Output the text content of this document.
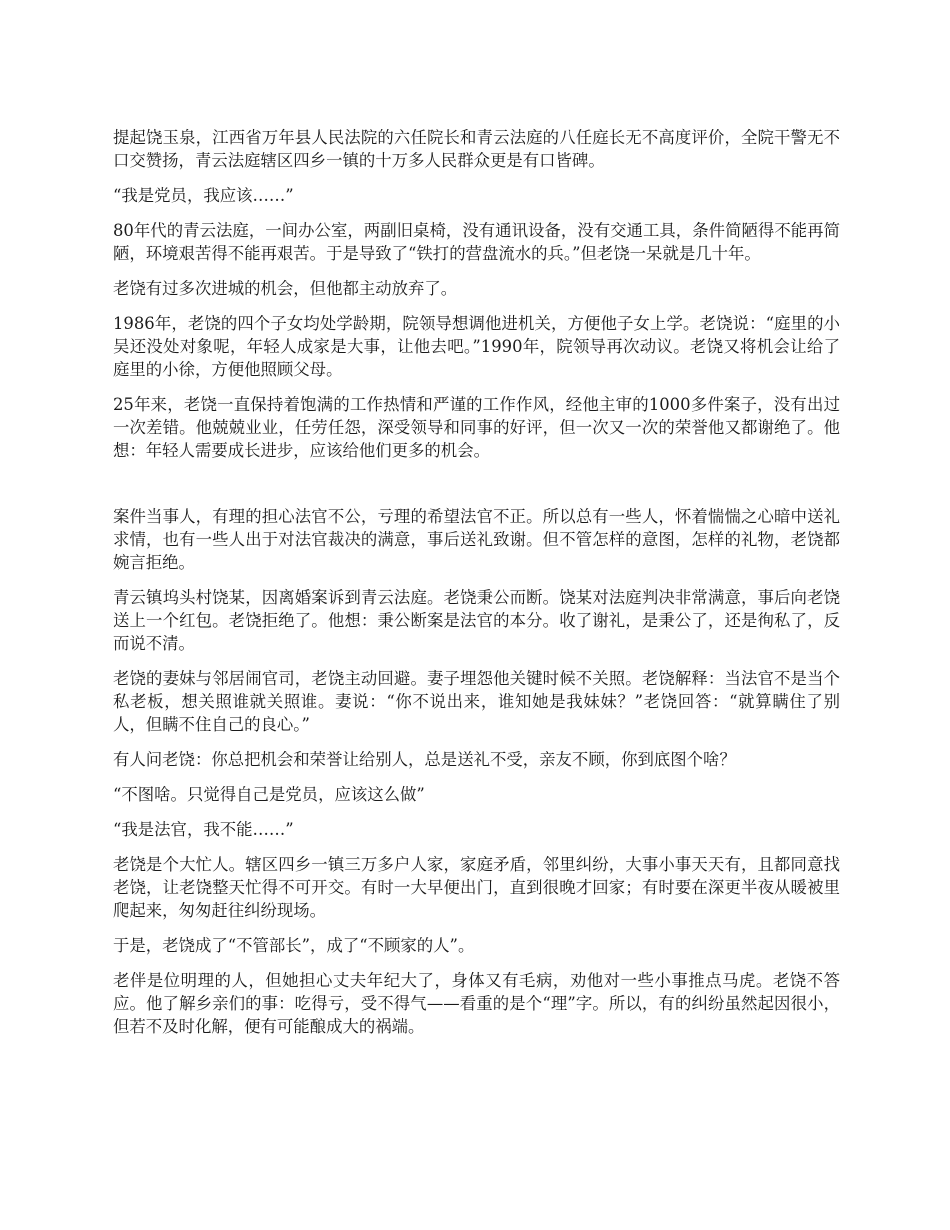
提起饶玉泉，江西省万年县人民法院的六任院长和青云法庭的八任庭长无不高度评价，全院干警无不口交赞扬，青云法庭辖区四乡一镇的十万多人民群众更是有口皆碑。

“我是党员，我应该……”

80年代的青云法庭，一间办公室，两副旧桌椅，没有通讯设备，没有交通工具，条件简陋得不能再简陋，环境艰苦得不能再艰苦。于是导致了“铁打的营盘流水的兵。”但老饶一呆就是几十年。

老饶有过多次进城的机会，但他都主动放弃了。

1986年，老饶的四个子女均处学龄期，院领导想调他进机关，方便他子女上学。老饶说：“庭里的小吴还没处对象呢，年轻人成家是大事，让他去吧。”1990年，院领导再次动议。老饶又将机会让给了庭里的小徐，方便他照顾父母。

25年来，老饶一直保持着饱满的工作热情和严谨的工作作风，经他主审的1000多件案子，没有出过一次差错。他兢兢业业，任劳任怨，深受领导和同事的好评，但一次又一次的荣誉他又都谢绝了。他想：年轻人需要成长进步，应该给他们更多的机会。

案件当事人，有理的担心法官不公，亏理的希望法官不正。所以总有一些人，怀着惴惴之心暗中送礼求情，也有一些人出于对法官裁决的满意，事后送礼致谢。但不管怎样的意图，怎样的礼物，老饶都婉言拒绝。

青云镇坞头村饶某，因离婚案诉到青云法庭。老饶秉公而断。饶某对法庭判决非常满意，事后向老饶送上一个红包。老饶拒绝了。他想：秉公断案是法官的本分。收了谢礼，是秉公了，还是徇私了，反而说不清。

老饶的妻妹与邻居闹官司，老饶主动回避。妻子埋怨他关键时候不关照。老饶解释：当法官不是当个私老板，想关照谁就关照谁。妻说：“你不说出来，谁知她是我妹妹？”老饶回答：“就算瞒住了别人，但瞒不住自己的良心。”

有人问老饶：你总把机会和荣誉让给别人，总是送礼不受，亲友不顾，你到底图个啥？

“不图啥。只觉得自己是党员，应该这么做”

“我是法官，我不能……”

老饶是个大忙人。辖区四乡一镇三万多户人家，家庭矛盾，邻里纠纷，大事小事天天有，且都同意找老饶，让老饶整天忙得不可开交。有时一大早便出门，直到很晚才回家；有时要在深更半夜从暖被里爬起来，匆匆赶往纠纷现场。

于是，老饶成了“不管部长”，成了“不顾家的人”。

老伴是位明理的人，但她担心丈夫年纪大了，身体又有毛病，劝他对一些小事推点马虎。老饶不答应。他了解乡亲们的事：吃得亏，受不得气——看重的是个“理”字。所以，有的纠纷虽然起因很小，但若不及时化解，便有可能酿成大的祸端。
